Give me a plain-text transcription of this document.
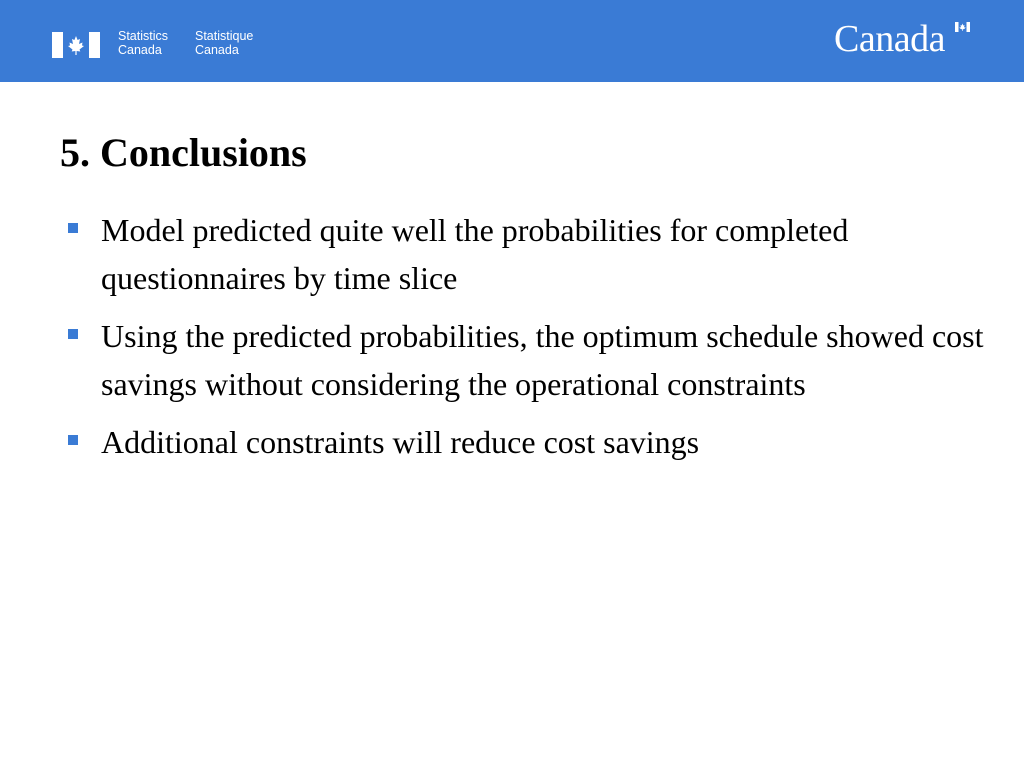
Statistics
Canada
Statistique
Canada	Canada
5. Conclusions
Model predicted quite well the probabilities for completed questionnaires by time slice
Using the predicted probabilities, the optimum schedule showed cost savings without considering the operational constraints
Additional constraints will reduce cost savings
